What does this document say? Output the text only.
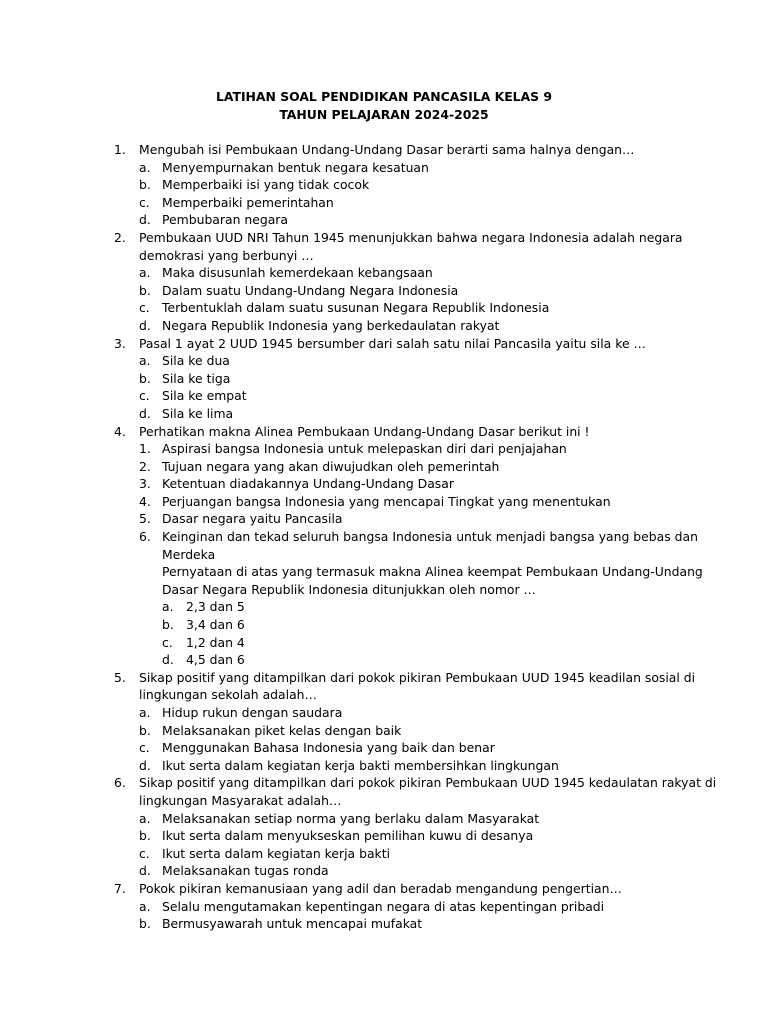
LATIHAN SOAL PENDIDIKAN PANCASILA KELAS 9
TAHUN PELAJARAN 2024-2025
1. Mengubah isi Pembukaan Undang-Undang Dasar berarti sama halnya dengan…
a. Menyempurnakan bentuk negara kesatuan
b. Memperbaiki isi yang tidak cocok
c. Memperbaiki pemerintahan
d. Pembubaran negara
2. Pembukaan UUD NRI Tahun 1945 menunjukkan bahwa negara Indonesia adalah negara
demokrasi yang berbunyi …
a. Maka disusunlah kemerdekaan kebangsaan
b. Dalam suatu Undang-Undang Negara Indonesia
c. Terbentuklah dalam suatu susunan Negara Republik Indonesia
d. Negara Republik Indonesia yang berkedaulatan rakyat
3. Pasal 1 ayat 2 UUD 1945 bersumber dari salah satu nilai Pancasila yaitu sila ke …
a. Sila ke dua
b. Sila ke tiga
c. Sila ke empat
d. Sila ke lima
4. Perhatikan makna Alinea Pembukaan Undang-Undang Dasar berikut ini !
1. Aspirasi bangsa Indonesia untuk melepaskan diri dari penjajahan
2. Tujuan negara yang akan diwujudkan oleh pemerintah
3. Ketentuan diadakannya Undang-Undang Dasar
4. Perjuangan bangsa Indonesia yang mencapai Tingkat yang menentukan
5. Dasar negara yaitu Pancasila
6. Keinginan dan tekad seluruh bangsa Indonesia untuk menjadi bangsa yang bebas dan
Merdeka
Pernyataan di atas yang termasuk makna Alinea keempat Pembukaan Undang-Undang
Dasar Negara Republik Indonesia ditunjukkan oleh nomor …
a. 2,3 dan 5
b. 3,4 dan 6
c. 1,2 dan 4
d. 4,5 dan 6
5. Sikap positif yang ditampilkan dari pokok pikiran Pembukaan UUD 1945 keadilan sosial di
lingkungan sekolah adalah…
a. Hidup rukun dengan saudara
b. Melaksanakan piket kelas dengan baik
c. Menggunakan Bahasa Indonesia yang baik dan benar
d. Ikut serta dalam kegiatan kerja bakti membersihkan lingkungan
6. Sikap positif yang ditampilkan dari pokok pikiran Pembukaan UUD 1945 kedaulatan rakyat di
lingkungan Masyarakat adalah…
a. Melaksanakan setiap norma yang berlaku dalam Masyarakat
b. Ikut serta dalam menyukseskan pemilihan kuwu di desanya
c. Ikut serta dalam kegiatan kerja bakti
d. Melaksanakan tugas ronda
7. Pokok pikiran kemanusiaan yang adil dan beradab mengandung pengertian…
a. Selalu mengutamakan kepentingan negara di atas kepentingan pribadi
b. Bermusyawarah untuk mencapai mufakat
